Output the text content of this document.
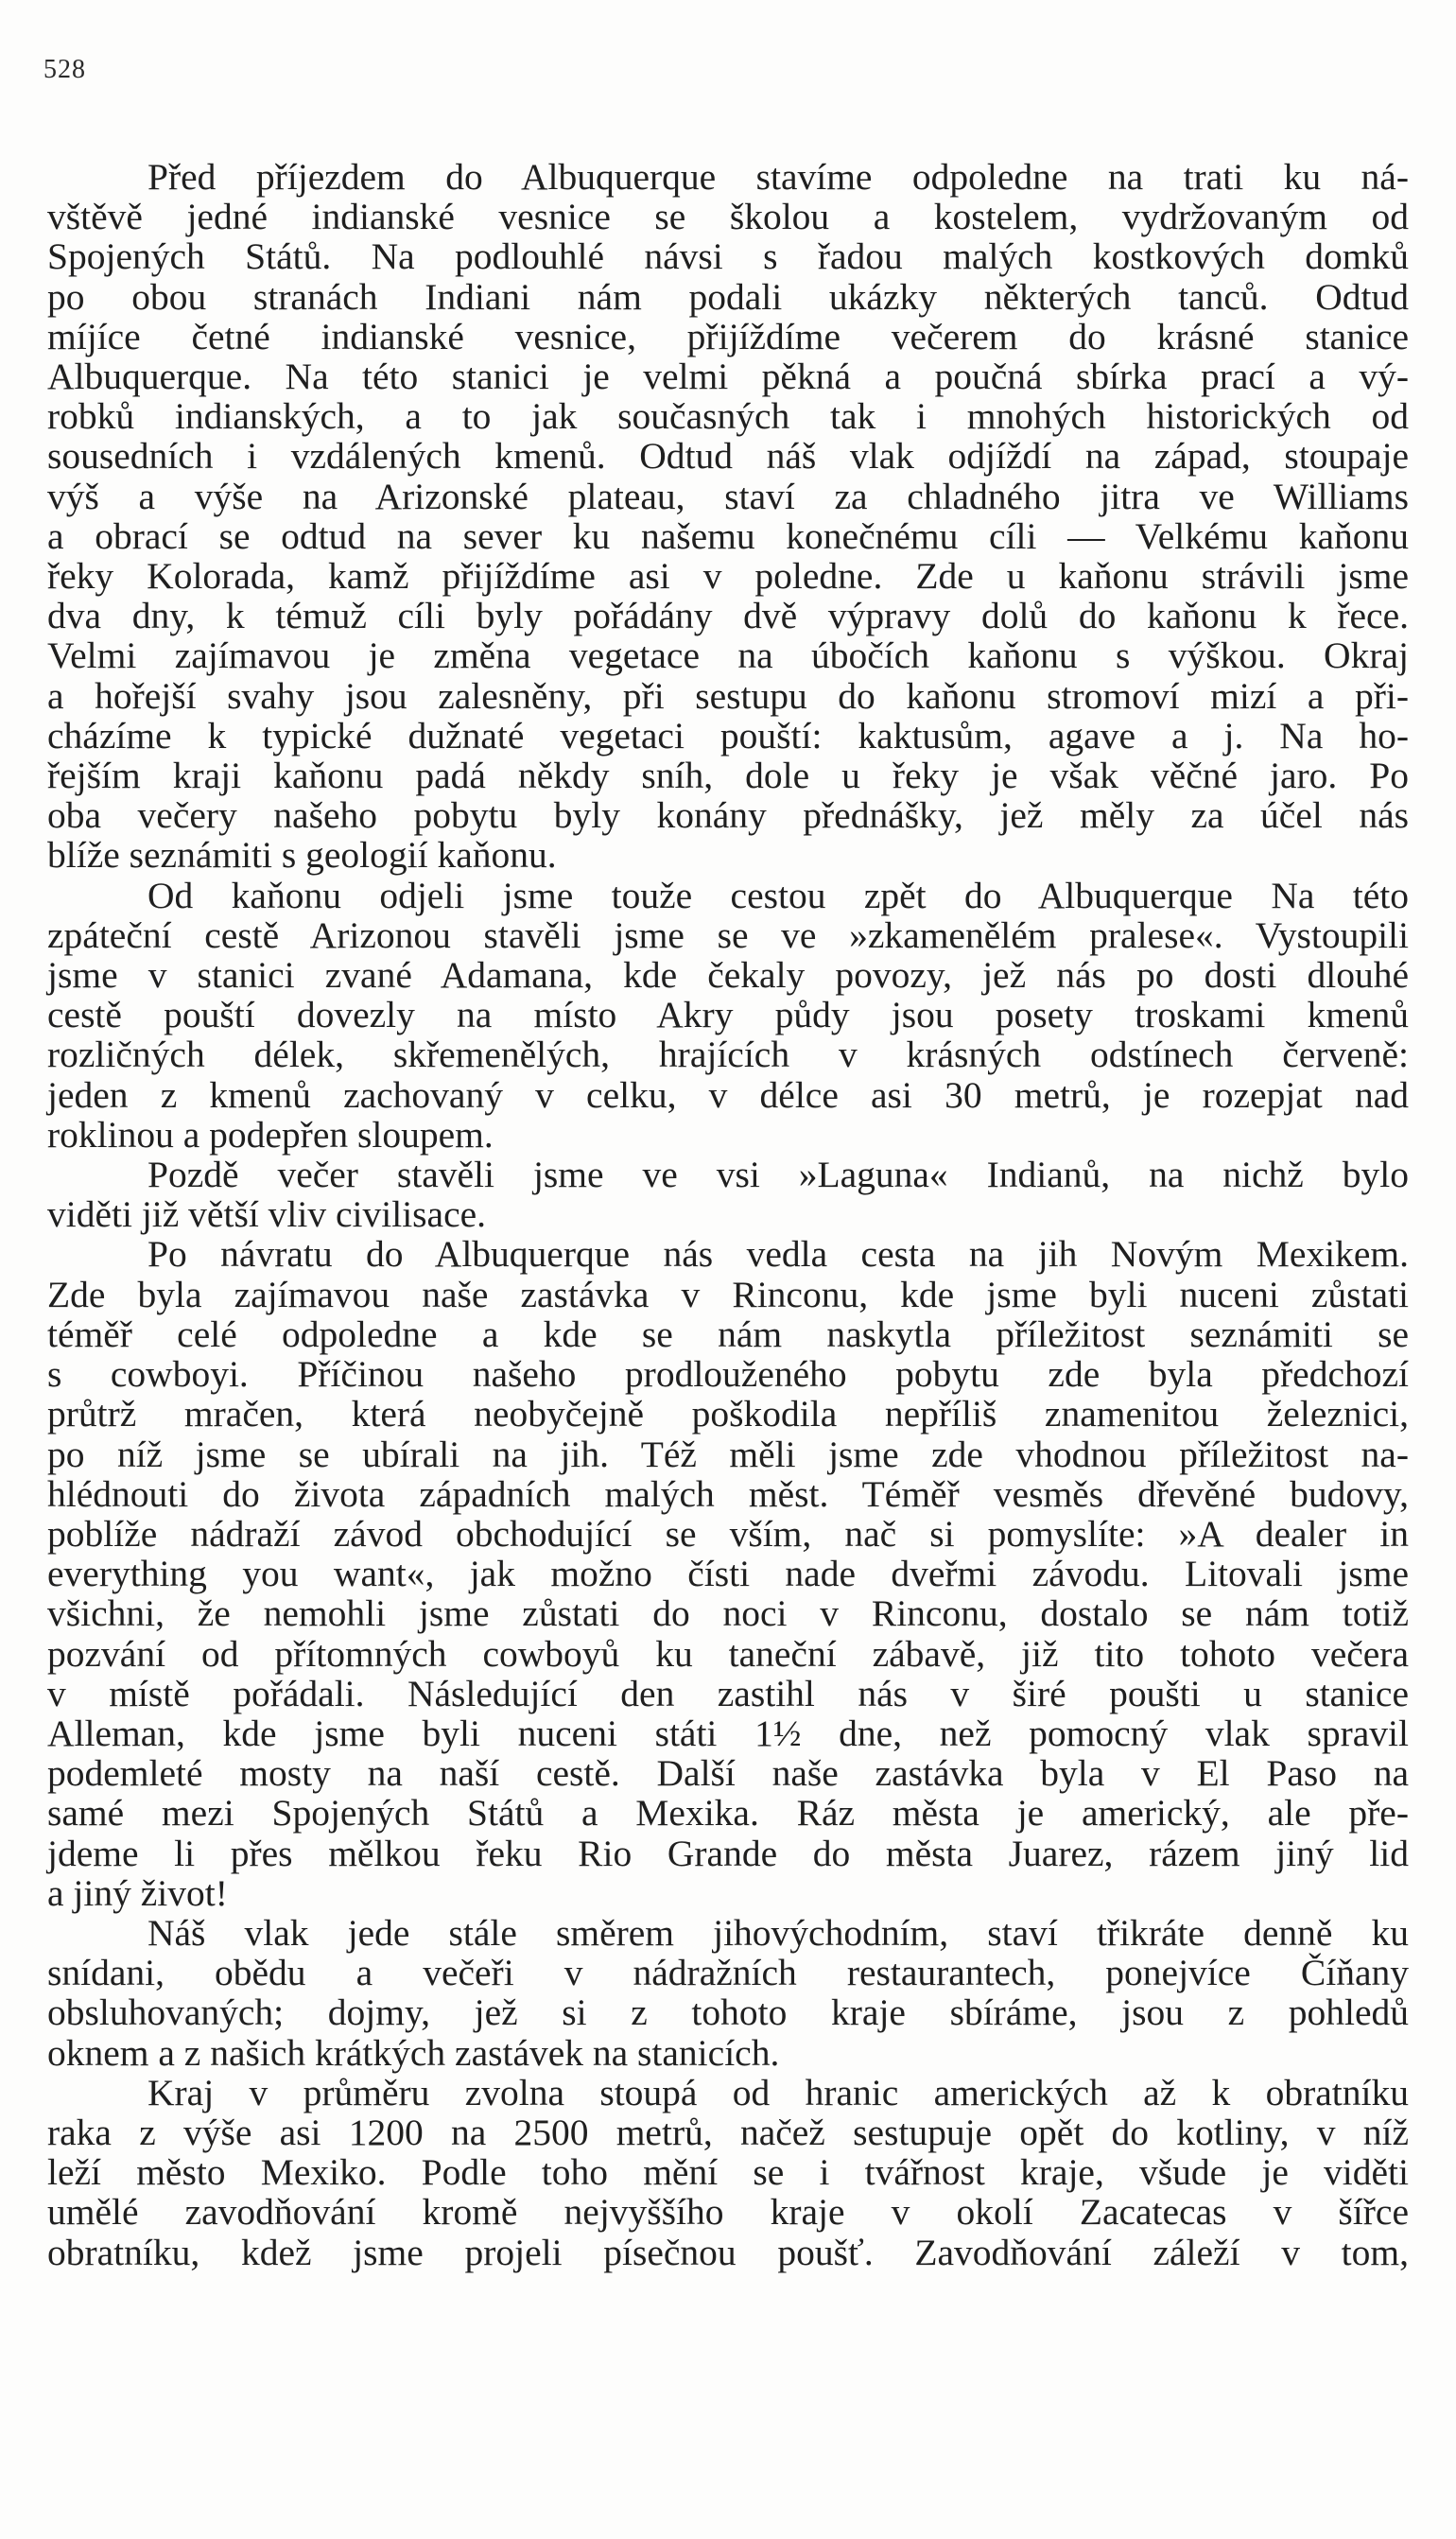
528
Před příjezdem do Albuquerque stavíme odpoledne na trati ku ná-
vštěvě jedné indianské vesnice se školou a kostelem, vydržovaným od
Spojených Států. Na podlouhlé návsi s řadou malých kostkových domků
po obou stranách Indiani nám podali ukázky některých tanců. Odtud
míjíce četné indianské vesnice, přijíždíme večerem do krásné stanice
Albuquerque. Na této stanici je velmi pěkná a poučná sbírka prací a vý-
robků indianských, a to jak současných tak i mnohých historických od
sousedních i vzdálených kmenů. Odtud náš vlak odjíždí na západ, stoupaje
výš a výše na Arizonské plateau, staví za chladného jitra ve Williams
a obrací se odtud na sever ku našemu konečnému cíli — Velkému kaňonu
řeky Kolorada, kamž přijíždíme asi v poledne. Zde u kaňonu strávili jsme
dva dny, k témuž cíli byly pořádány dvě výpravy dolů do kaňonu k řece.
Velmi zajímavou je změna vegetace na úbočích kaňonu s výškou. Okraj
a hořejší svahy jsou zalesněny, při sestupu do kaňonu stromoví mizí a při-
cházíme k typické dužnaté vegetaci pouští: kaktusům, agave a j. Na ho-
řejším kraji kaňonu padá někdy sníh, dole u řeky je však věčné jaro. Po
oba večery našeho pobytu byly konány přednášky, jež měly za účel nás
blíže seznámiti s geologií kaňonu.
Od kaňonu odjeli jsme touže cestou zpět do Albuquerque Na této
zpáteční cestě Arizonou stavěli jsme se ve »zkamenělém pralese«. Vystoupili
jsme v stanici zvané Adamana, kde čekaly povozy, jež nás po dosti dlouhé
cestě pouští dovezly na místo Akry půdy jsou posety troskami kmenů
rozličných délek, skřemenělých, hrajících v krásných odstínech červeně:
jeden z kmenů zachovaný v celku, v délce asi 30 metrů, je rozepjat nad
roklinou a podepřen sloupem.
Pozdě večer stavěli jsme ve vsi »Laguna« Indianů, na nichž bylo
viděti již větší vliv civilisace.
Po návratu do Albuquerque nás vedla cesta na jih Novým Mexikem.
Zde byla zajímavou naše zastávka v Rinconu, kde jsme byli nuceni zůstati
téměř celé odpoledne a kde se nám naskytla příležitost seznámiti se
s cowboyi. Příčinou našeho prodlouženého pobytu zde byla předchozí
průtrž mračen, která neobyčejně poškodila nepříliš znamenitou železnici,
po níž jsme se ubírali na jih. Též měli jsme zde vhodnou příležitost na-
hlédnouti do života západních malých měst. Téměř vesměs dřevěné budovy,
poblíže nádraží závod obchodující se vším, nač si pomyslíte: »A dealer in
everything you want«, jak možno čísti nade dveřmi závodu. Litovali jsme
všichni, že nemohli jsme zůstati do noci v Rinconu, dostalo se nám totiž
pozvání od přítomných cowboyů ku taneční zábavě, již tito tohoto večera
v místě pořádali. Následující den zastihl nás v širé poušti u stanice
Alleman, kde jsme byli nuceni státi 1½ dne, než pomocný vlak spravil
podemleté mosty na naší cestě. Další naše zastávka byla v El Paso na
samé mezi Spojených Států a Mexika. Ráz města je americký, ale pře-
jdeme li přes mělkou řeku Rio Grande do města Juarez, rázem jiný lid
a jiný život!
Náš vlak jede stále směrem jihovýchodním, staví třikráte denně ku
snídani, obědu a večeři v nádražních restaurantech, ponejvíce Číňany
obsluhovaných; dojmy, jež si z tohoto kraje sbíráme, jsou z pohledů
oknem a z našich krátkých zastávek na stanicích.
Kraj v průměru zvolna stoupá od hranic amerických až k obratníku
raka z výše asi 1200 na 2500 metrů, načež sestupuje opět do kotliny, v níž
leží město Mexiko. Podle toho mění se i tvářnost kraje, všude je viděti
umělé zavodňování kromě nejvyššího kraje v okolí Zacatecas v šířce
obratníku, kdež jsme projeli písečnou poušť. Zavodňování záleží v tom,
